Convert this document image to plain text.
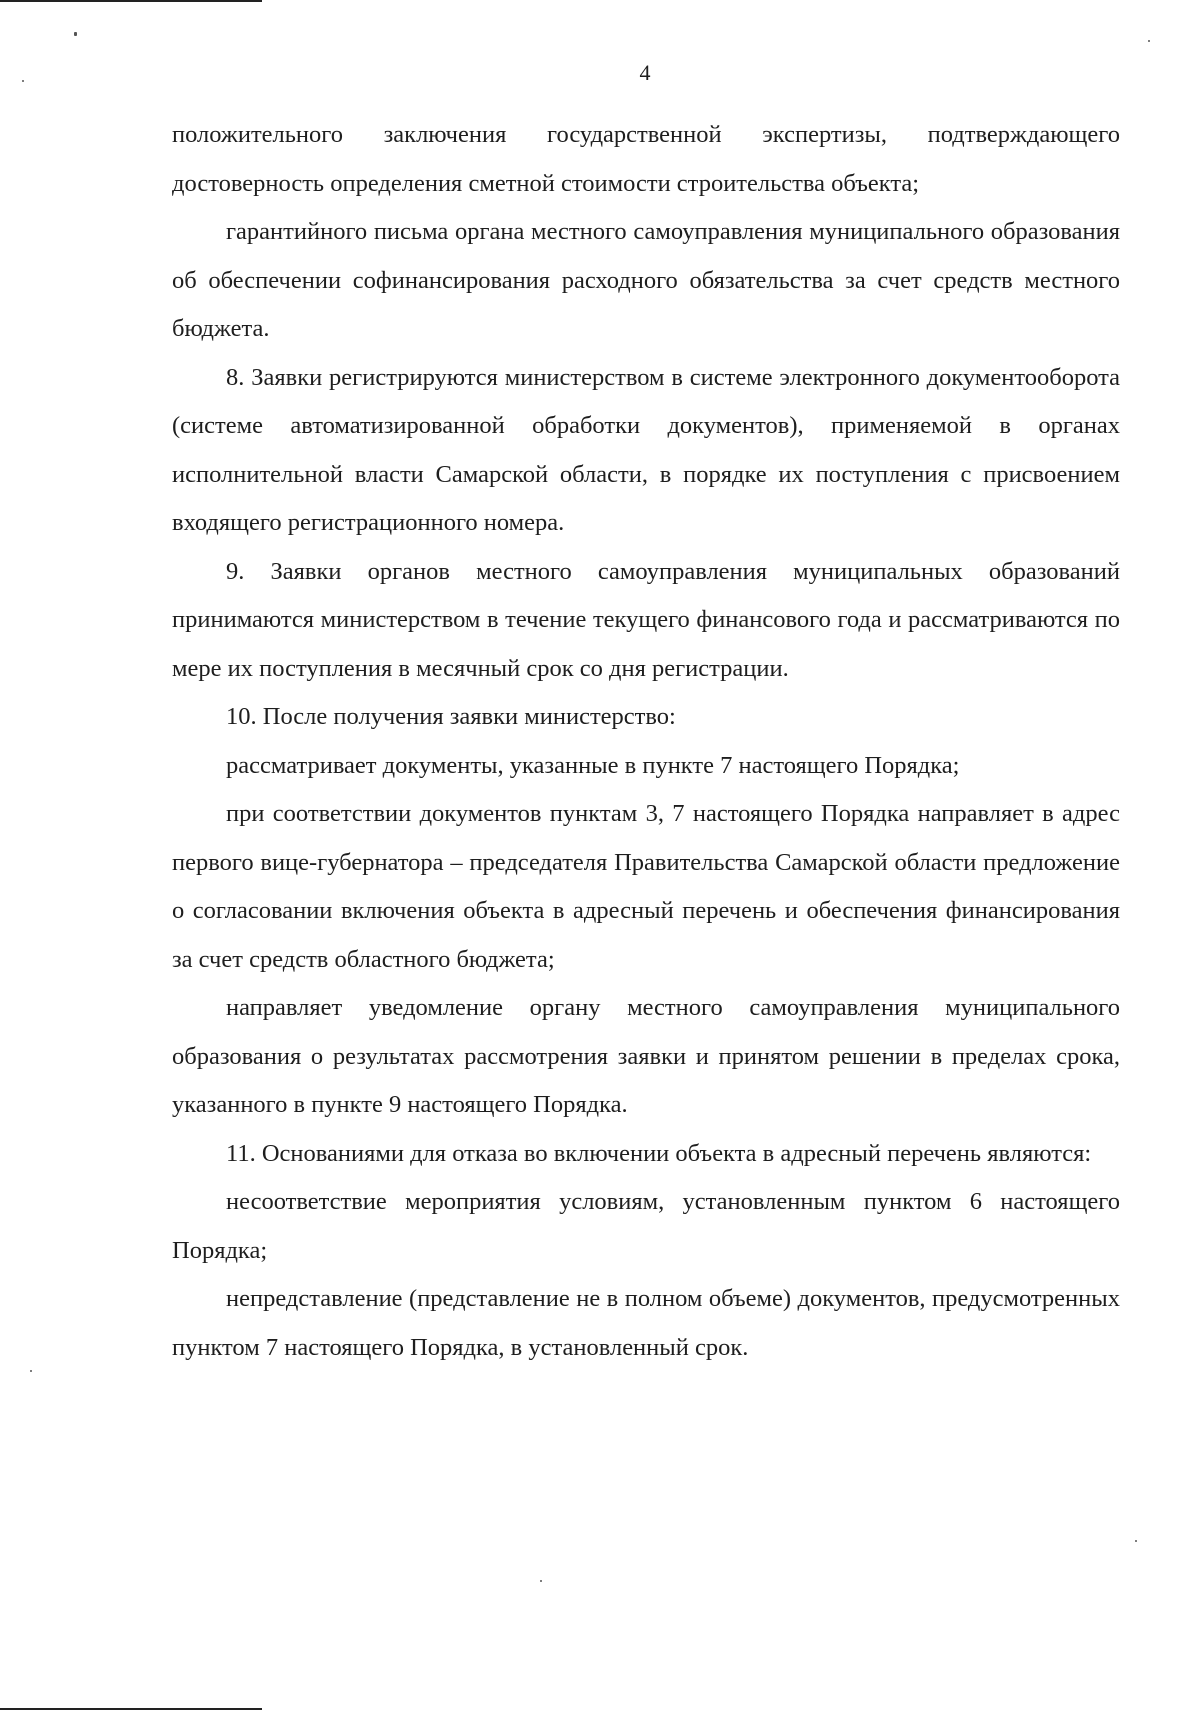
4

положительного заключения государственной экспертизы, подтверждающего достоверность определения сметной стоимости строительства объекта;

гарантийного письма органа местного самоуправления муниципального образования об обеспечении софинансирования расходного обязательства за счет средств местного бюджета.

8. Заявки регистрируются министерством в системе электронного документооборота (системе автоматизированной обработки документов), применяемой в органах исполнительной власти Самарской области, в порядке их поступления с присвоением входящего регистрационного номера.

9. Заявки органов местного самоуправления муниципальных образований принимаются министерством в течение текущего финансового года и рассматриваются по мере их поступления в месячный срок со дня регистрации.

10. После получения заявки министерство:

рассматривает документы, указанные в пункте 7 настоящего Порядка;

при соответствии документов пунктам 3, 7 настоящего Порядка направляет в адрес первого вице-губернатора – председателя Правительства Самарской области предложение о согласовании включения объекта в адресный перечень и обеспечения финансирования за счет средств областного бюджета;

направляет уведомление органу местного самоуправления муниципального образования о результатах рассмотрения заявки и принятом решении в пределах срока, указанного в пункте 9 настоящего Порядка.

11. Основаниями для отказа во включении объекта в адресный перечень являются:

несоответствие мероприятия условиям, установленным пунктом 6 настоящего Порядка;

непредставление (представление не в полном объеме) документов, предусмотренных пунктом 7 настоящего Порядка, в установленный срок.
